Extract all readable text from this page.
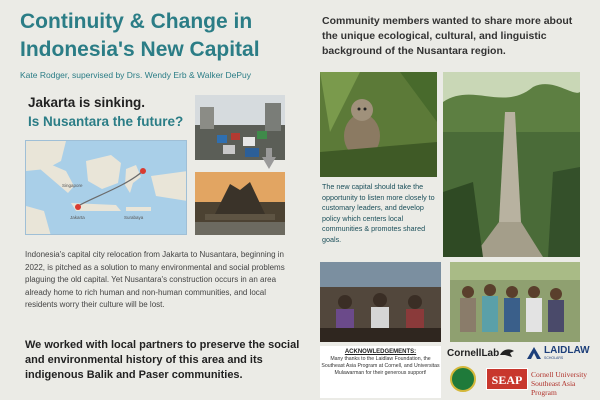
Continuity & Change in Indonesia's New Capital
Kate Rodger, supervised by Drs. Wendy Erb & Walker DePuy
Jakarta is sinking.
Is Nusantara the future?
Singapore
Jakarta	Surabaya
Indonesia's capital city relocation from Jakarta to Nusantara, beginning in 2022, is pitched as a solution to many environmental and social problems plaguing the old capital. Yet Nusantara's construction occurs in an area already home to rich human and non-human communities, and local residents worry their culture will be lost.
We worked with local partners to preserve the social and environmental history of this area and its indigenous Balik and Paser communities.
Community members wanted to share more about the unique ecological, cultural, and linguistic background of the Nusantara region.
The new capital should take the opportunity to listen more closely to customary leaders, and develop policy which centers local communities & promotes shared goals.
ACKNOWLEDGEMENTS:
Many thanks to the Laidlaw Foundation, the Southeast Asia Program at Cornell, and Universitas Mulawarman for their generous support!
CornellLab	LAIDLAW
SCHOLARS
SEAP	Cornell University
Southeast Asia Program
